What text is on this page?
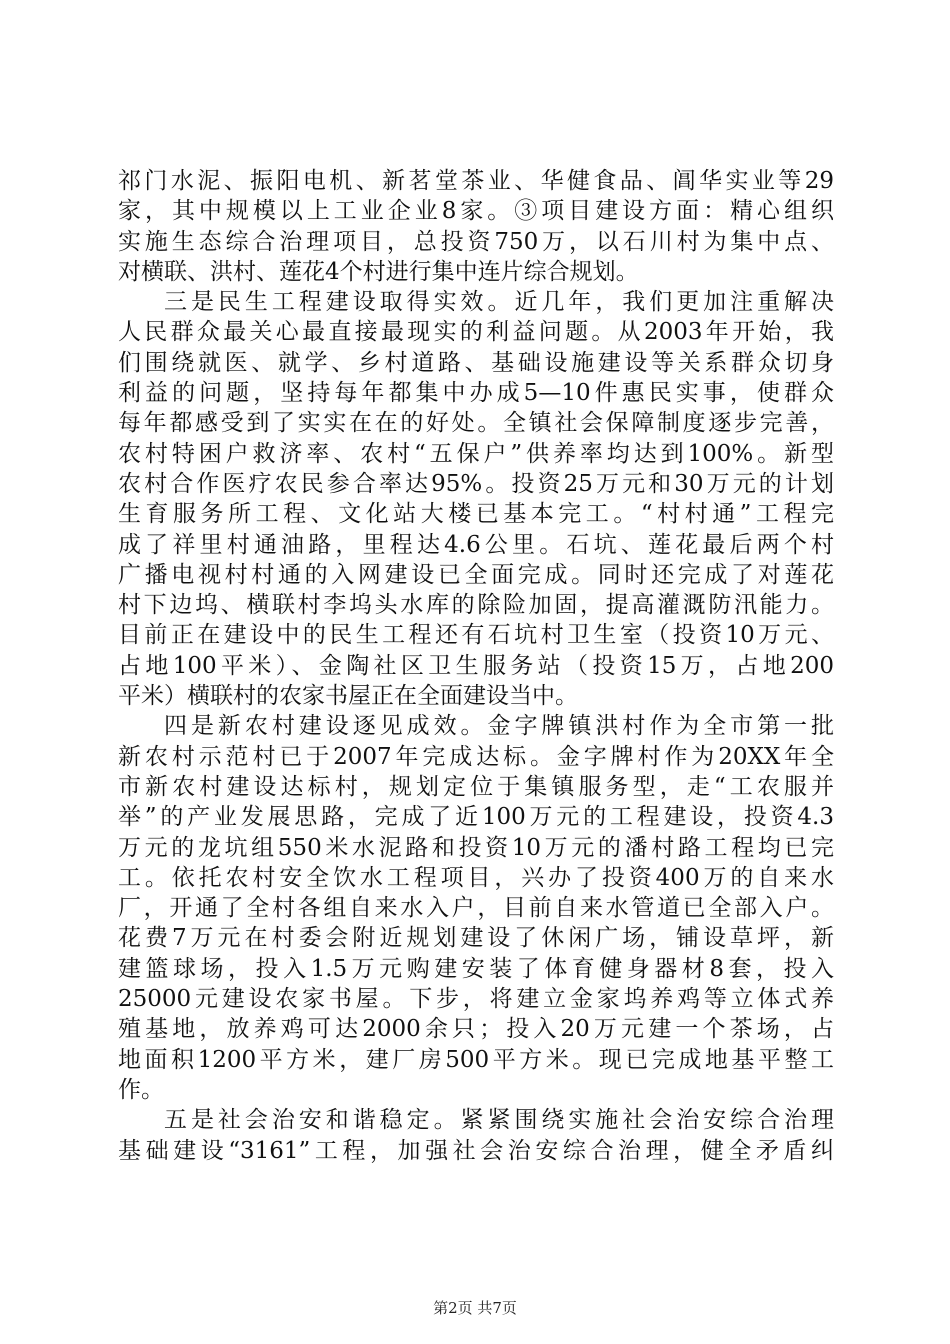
祁门水泥、振阳电机、新茗堂茶业、华健食品、阊华实业等29
家，其中规模以上工业企业8家。③项目建设方面：精心组织
实施生态综合治理项目，总投资750万，以石川村为集中点、
对横联、洪村、莲花4个村进行集中连片综合规划。
三是民生工程建设取得实效。近几年，我们更加注重解决
人民群众最关心最直接最现实的利益问题。从2003年开始，我
们围绕就医、就学、乡村道路、基础设施建设等关系群众切身
利益的问题，坚持每年都集中办成5—10件惠民实事，使群众
每年都感受到了实实在在的好处。全镇社会保障制度逐步完善，
农村特困户救济率、农村“五保户”供养率均达到100%。新型
农村合作医疗农民参合率达95%。投资25万元和30万元的计划
生育服务所工程、文化站大楼已基本完工。“村村通”工程完
成了祥里村通油路，里程达4.6公里。石坑、莲花最后两个村
广播电视村村通的入网建设已全面完成。同时还完成了对莲花
村下边坞、横联村李坞头水库的除险加固，提高灌溉防汛能力。
目前正在建设中的民生工程还有石坑村卫生室（投资10万元、
占地100平米）、金陶社区卫生服务站（投资15万，占地200
平米）横联村的农家书屋正在全面建设当中。
四是新农村建设逐见成效。金字牌镇洪村作为全市第一批
新农村示范村已于2007年完成达标。金字牌村作为20XX年全
市新农村建设达标村，规划定位于集镇服务型，走“工农服并
举”的产业发展思路，完成了近100万元的工程建设，投资4.3
万元的龙坑组550米水泥路和投资10万元的潘村路工程均已完
工。依托农村安全饮水工程项目，兴办了投资400万的自来水
厂，开通了全村各组自来水入户，目前自来水管道已全部入户。
花费7万元在村委会附近规划建设了休闲广场，铺设草坪，新
建篮球场，投入1.5万元购建安装了体育健身器材8套，投入
25000元建设农家书屋。下步，将建立金家坞养鸡等立体式养
殖基地，放养鸡可达2000余只；投入20万元建一个茶场，占
地面积1200平方米，建厂房500平方米。现已完成地基平整工
作。
五是社会治安和谐稳定。紧紧围绕实施社会治安综合治理
基础建设“3161”工程，加强社会治安综合治理，健全矛盾纠
第2页 共7页
